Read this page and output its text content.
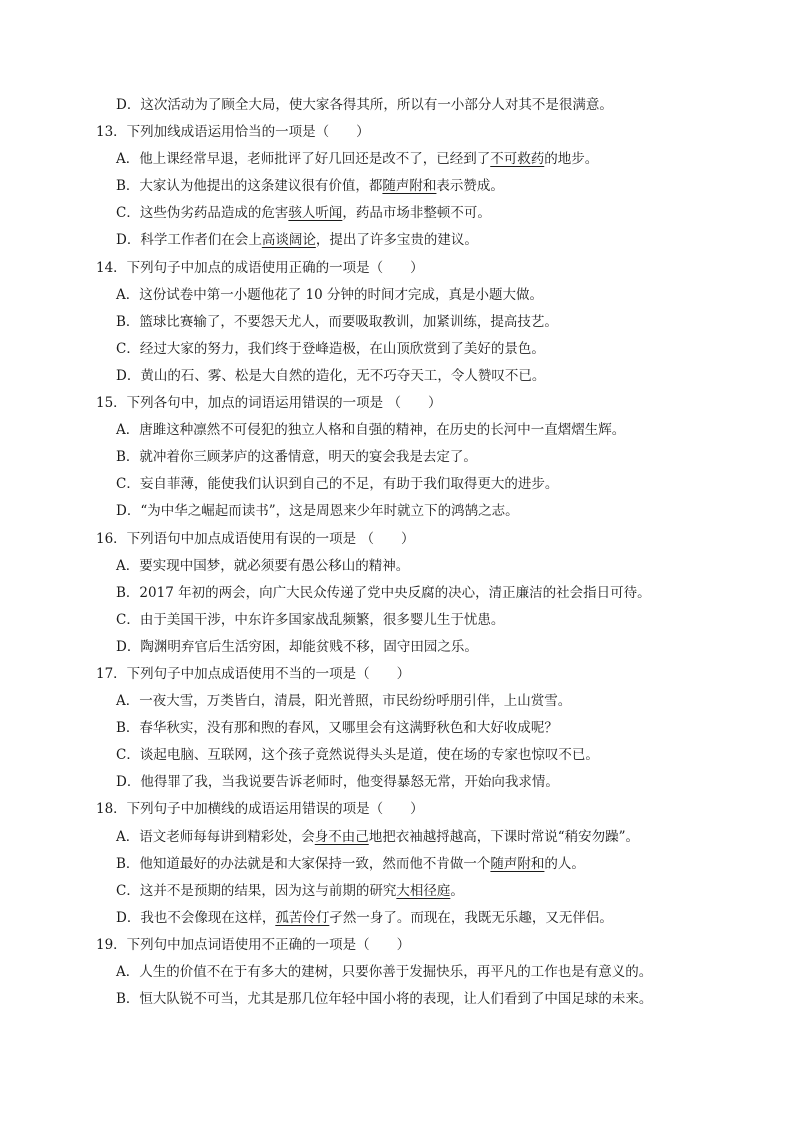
D．这次活动为了顾全大局，使大家各得其所，所以有一小部分人对其不是很满意。
13．下列加线成语运用恰当的一项是（　　）
A．他上课经常早退，老师批评了好几回还是改不了，已经到了不可救药的地步。
B．大家认为他提出的这条建议很有价值，都随声附和表示赞成。
C．这些伪劣药品造成的危害骇人听闻，药品市场非整顿不可。
D．科学工作者们在会上高谈阔论，提出了许多宝贵的建议。
14．下列句子中加点的成语使用正确的一项是（　　）
A．这份试卷中第一小题他花了 10 分钟的时间才完成，真是小题大做。
B．篮球比赛输了，不要怨天尤人，而要吸取教训，加紧训练，提高技艺。
C．经过大家的努力，我们终于登峰造极，在山顶欣赏到了美好的景色。
D．黄山的石、雾、松是大自然的造化，无不巧夺天工，令人赞叹不已。
15．下列各句中，加点的词语运用错误的一项是 （　　）
A．唐雎这种凛然不可侵犯的独立人格和自强的精神，在历史的长河中一直熠熠生辉。
B．就冲着你三顾茅庐的这番情意，明天的宴会我是去定了。
C．妄自菲薄，能使我们认识到自己的不足，有助于我们取得更大的进步。
D．“为中华之崛起而读书”，这是周恩来少年时就立下的鸿鹄之志。
16．下列语句中加点成语使用有误的一项是 （　　）
A．要实现中国梦，就必须要有愚公移山的精神。
B．2017 年初的两会，向广大民众传递了党中央反腐的决心，清正廉洁的社会指日可待。
C．由于美国干涉，中东许多国家战乱频繁，很多婴儿生于忧患。
D．陶渊明弃官后生活穷困，却能贫贱不移，固守田园之乐。
17．下列句子中加点成语使用不当的一项是（　　）
A．一夜大雪，万类皆白，清晨，阳光普照，市民纷纷呼朋引伴，上山赏雪。
B．春华秋实，没有那和煦的春风，又哪里会有这满野秋色和大好收成呢？
C．谈起电脑、互联网，这个孩子竟然说得头头是道，使在场的专家也惊叹不已。
D．他得罪了我，当我说要告诉老师时，他变得暴怒无常，开始向我求情。
18．下列句子中加横线的成语运用错误的项是（　　）
A．语文老师每每讲到精彩处，会身不由己地把衣袖越捋越高，下课时常说“稍安勿躁”。
B．他知道最好的办法就是和大家保持一致，然而他不肯做一个随声附和的人。
C．这并不是预期的结果，因为这与前期的研究大相径庭。
D．我也不会像现在这样，孤苦伶仃孑然一身了。而现在，我既无乐趣，又无伴侣。
19．下列句中加点词语使用不正确的一项是（　　）
A．人生的价值不在于有多大的建树，只要你善于发掘快乐，再平凡的工作也是有意义的。
B．恒大队锐不可当，尤其是那几位年轻中国小将的表现，让人们看到了中国足球的未来。
